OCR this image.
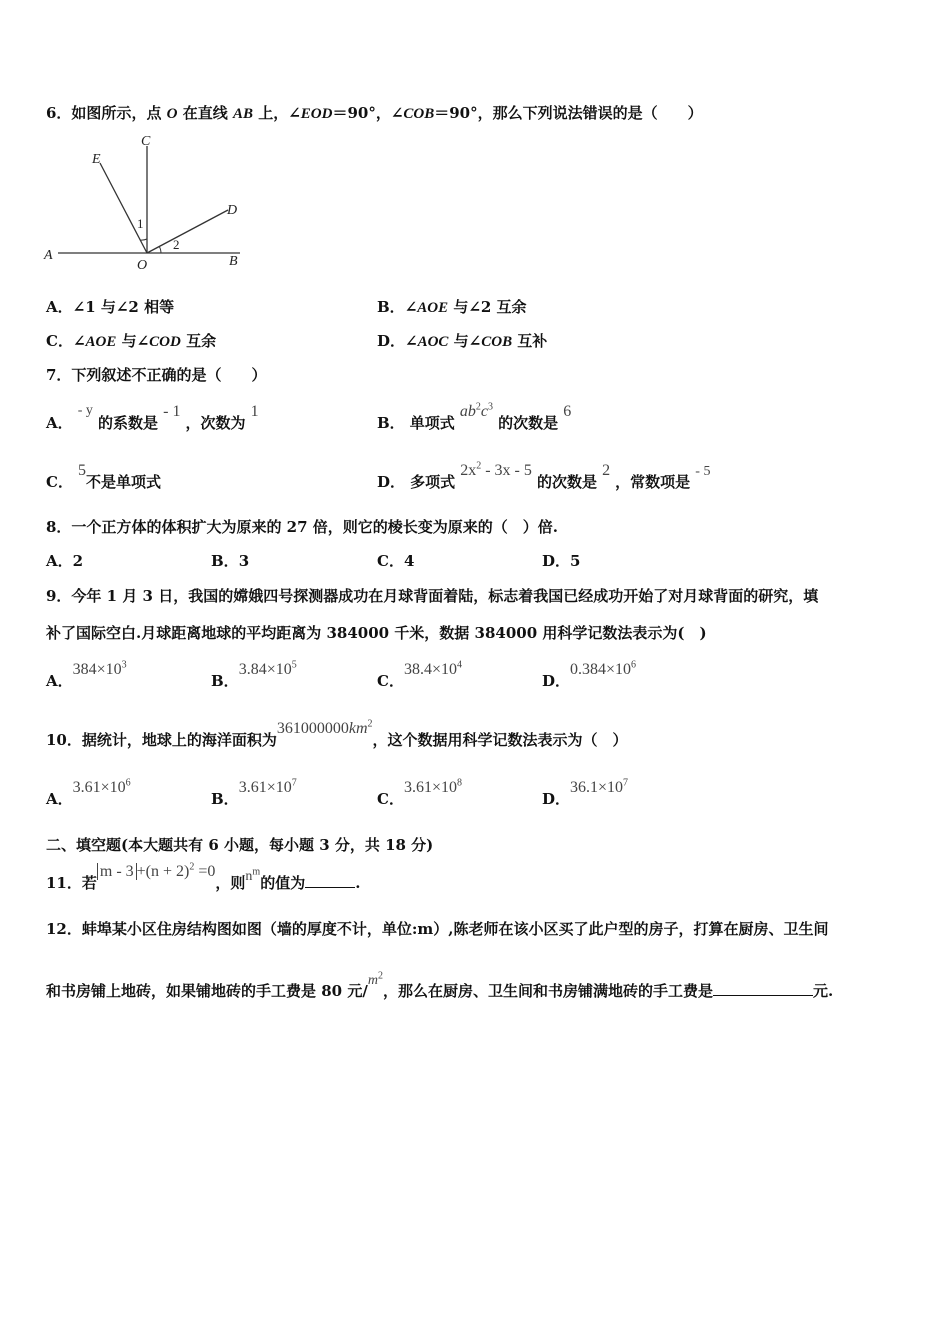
6．如图所示，点 O 在直线 AB 上，∠EOD＝90°，∠COB＝90°，那么下列说法错误的是（　　）
C
E
D
A
O	B
1
2
A．∠1 与∠2 相等	B．∠AOE 与∠2 互余
C．∠AOE 与∠COD 互余	D．∠AOC 与∠COB 互补
7．下列叙述不正确的是（　　）
A． - y 的系数是 - 1 ，次数为 1
B． 单项式 $ab^2c^3$ 的次数是 6
C． 5不是单项式	D． 多项式 $2x^2 - 3x - 5$ 的次数是 2 ，常数项是 - 5
8．一个正方体的体积扩大为原来的 27 倍，则它的棱长变为原来的（　）倍.
A．2	B．3	C．4	D．5
9．今年 1 月 3 日，我国的嫦娥四号探测器成功在月球背面着陆，标志着我国已经成功开始了对月球背面的研究，填
补了国际空白.月球距离地球的平均距离为 384000 千米，数据 384000 用科学记数法表示为(　)
A．$384\times 10^3$
B．$3.84\times 10^5$
C．$38.4\times 10^4$
D．$0.384\times 10^6$
10．据统计，地球上的海洋面积为$361000000km^2$，这个数据用科学记数法表示为（　）
A．$3.61\times 10^6$
B．$3.61\times 10^7$
C．$3.61\times 10^8$
D．$36.1\times 10^7$
二、填空题(本大题共有 6 小题，每小题 3 分，共 18 分)
11．若$m - 3 +(n + 2)^2 =0$，则$n^m$的值为	.
12．蚌埠某小区住房结构图如图（墙的厚度不计，单位:m）,陈老师在该小区买了此户型的房子，打算在厨房、卫生间
和书房铺上地砖，如果铺地砖的手工费是 80 元$/m^2$，那么在厨房、卫生间和书房铺满地砖的手工费是	元.
